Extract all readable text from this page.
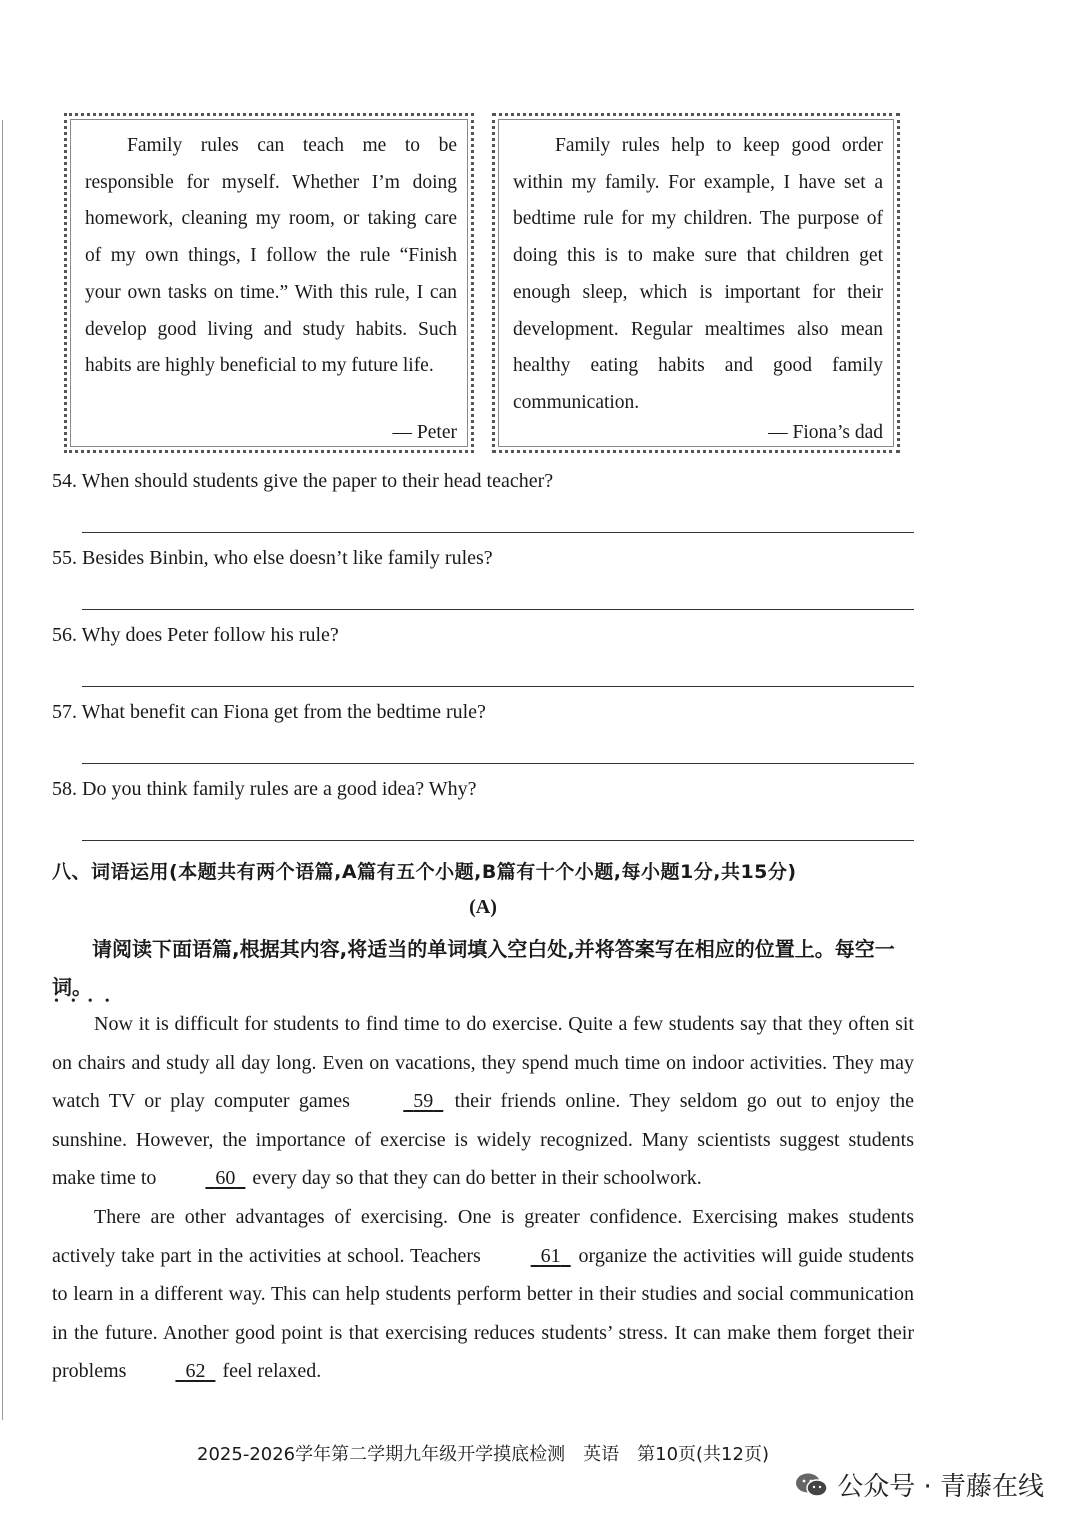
Family rules can teach me to be responsible for myself. Whether I’m doing homework, cleaning my room, or taking care of my own things, I follow the rule “Finish your own tasks on time.” With this rule, I can develop good living and study habits. Such habits are highly beneficial to my future life.

— Peter

Family rules help to keep good order within my family. For example, I have set a bedtime rule for my children. The purpose of doing this is to make sure that children get enough sleep, which is important for their development. Regular mealtimes also mean healthy eating habits and good family communication.

— Fiona’s dad
54. When should students give the paper to their head teacher?
55. Besides Binbin, who else doesn’t like family rules?
56. Why does Peter follow his rule?
57. What benefit can Fiona get from the bedtime rule?
58. Do you think family rules are a good idea? Why?
八、词语运用(本题共有两个语篇,A篇有五个小题,B篇有十个小题,每小题1分,共15分)
(A)
请阅读下面语篇,根据其内容,将适当的单词填入空白处,并将答案写在相应的位置上。每空一词。
••••

Now it is difficult for students to find time to do exercise. Quite a few students say that they often sit on chairs and study all day long. Even on vacations, they spend much time on indoor activities. They may watch TV or play computer games	59 their friends online. They seldom go out to enjoy the sunshine. However, the importance of exercise is widely recognized. Many scientists suggest students make time to	60 every day so that they can do better in their schoolwork.

There are other advantages of exercising. One is greater confidence. Exercising makes students actively take part in the activities at school. Teachers	61 organize the activities will guide students to learn in a different way. This can help students perform better in their studies and social communication in the future. Another good point is that exercising reduces students’ stress. It can make them forget their problems	62 feel relaxed.

2025-2026学年第二学期九年级开学摸底检测　英语　第10页(共12页)
公众号 · 青藤在线
